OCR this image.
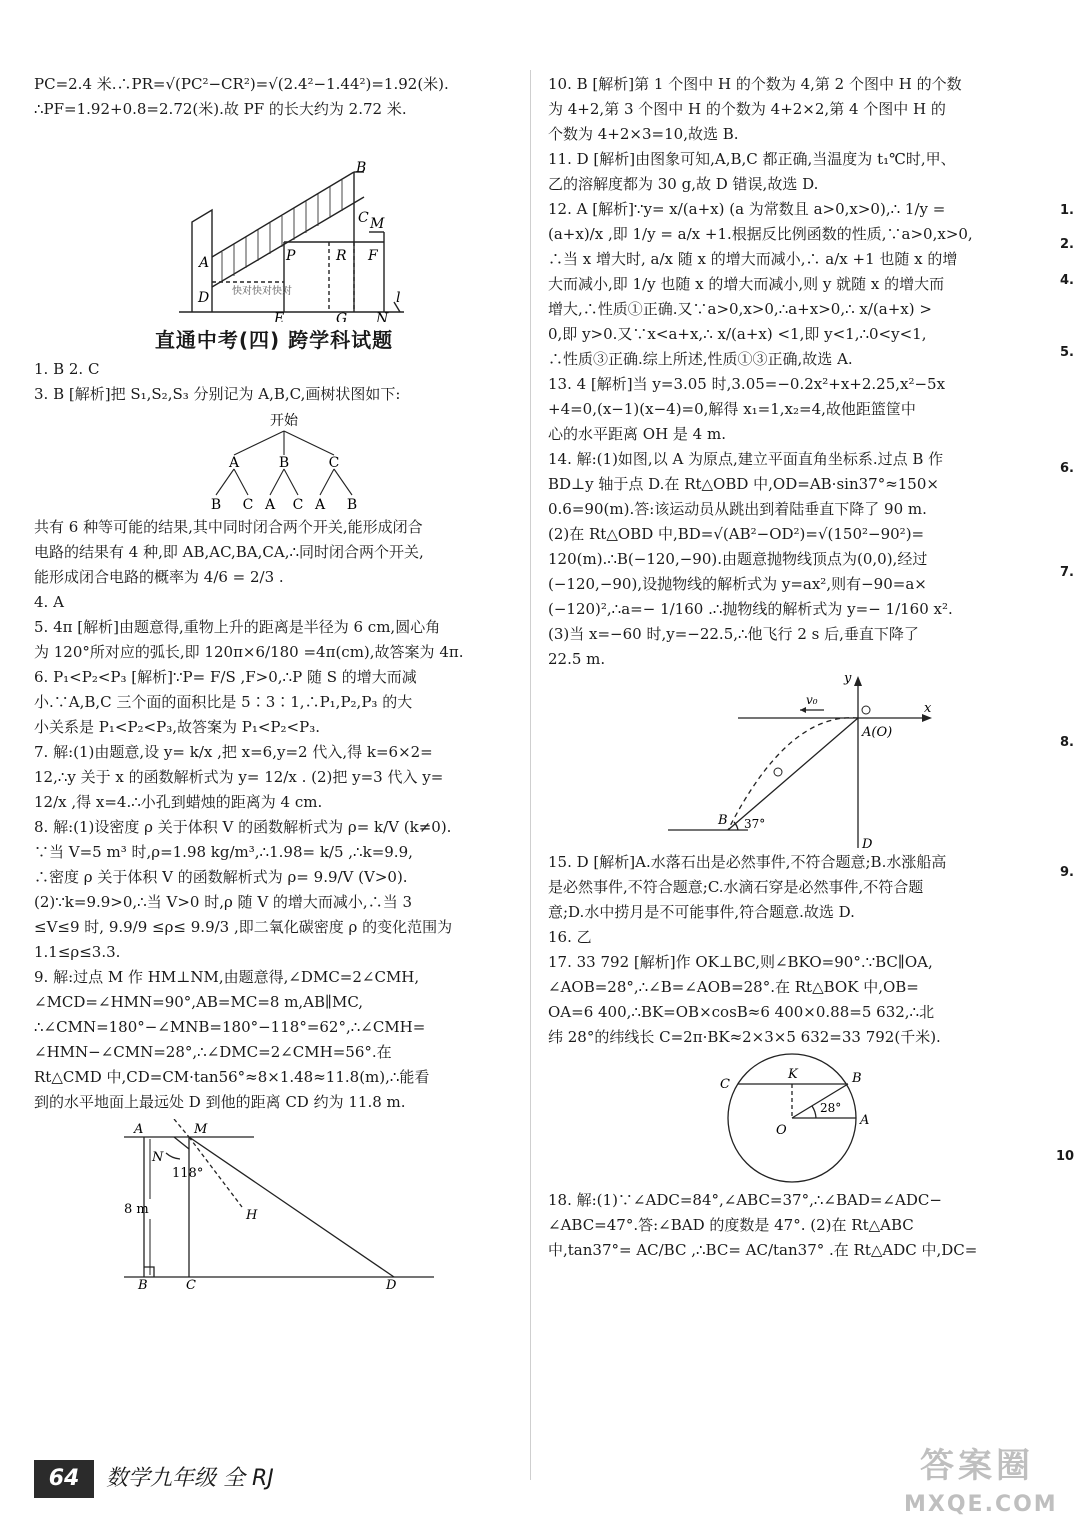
PC=2.4 米.∴PR=√(PC²−CR²)=√(2.4²−1.44²)=1.92(米).

∴PF=1.92+0.8=2.72(米).故 PF 的长大约为 2.72 米.

B
C
A
M
P	R F
D
E	G N
l
快对快对快对
直通中考(四) 跨学科试题

1. B 2. C

3. B [解析]把 S₁,S₂,S₃ 分别记为 A,B,C,画树状图如下:

开始
A	B	C
B C A C A B

共有 6 种等可能的结果,其中同时闭合两个开关,能形成闭合

电路的结果有 4 种,即 AB,AC,BA,CA,∴同时闭合两个开关,

能形成闭合电路的概率为 4/6 = 2/3 .

4. A

5. 4π [解析]由题意得,重物上升的距离是半径为 6 cm,圆心角

为 120°所对应的弧长,即 120π×6/180 =4π(cm),故答案为 4π.

6. P₁<P₂<P₃ [解析]∵P= F/S ,F>0,∴P 随 S 的增大而减

小.∵A,B,C 三个面的面积比是 5∶3∶1,∴P₁,P₂,P₃ 的大

小关系是 P₁<P₂<P₃,故答案为 P₁<P₂<P₃.

7. 解:(1)由题意,设 y= k/x ,把 x=6,y=2 代入,得 k=6×2=

12,∴y 关于 x 的函数解析式为 y= 12/x . (2)把 y=3 代入 y=

12/x ,得 x=4.∴小孔到蜡烛的距离为 4 cm.

8. 解:(1)设密度 ρ 关于体积 V 的函数解析式为 ρ= k/V (k≠0).

∵当 V=5 m³ 时,ρ=1.98 kg/m³,∴1.98= k/5 ,∴k=9.9,

∴密度 ρ 关于体积 V 的函数解析式为 ρ= 9.9/V (V>0).

(2)∵k=9.9>0,∴当 V>0 时,ρ 随 V 的增大而减小,∴当 3

≤V≤9 时, 9.9/9 ≤ρ≤ 9.9/3 ,即二氧化碳密度 ρ 的变化范围为

1.1≤ρ≤3.3.

9. 解:过点 M 作 HM⊥NM,由题意得,∠DMC=2∠CMH,

∠MCD=∠HMN=90°,AB=MC=8 m,AB∥MC,

∴∠CMN=180°−∠MNB=180°−118°=62°,∴∠CMH=

∠HMN−∠CMN=28°,∴∠DMC=2∠CMH=56°.在

Rt△CMD 中,CD=CM·tan56°≈8×1.48≈11.8(m),∴能看

到的水平地面上最远处 D 到他的距离 CD 约为 11.8 m.

A	M
N
118°
8 m	H
B	C	D

10. B [解析]第 1 个图中 H 的个数为 4,第 2 个图中 H 的个数

为 4+2,第 3 个图中 H 的个数为 4+2×2,第 4 个图中 H 的

个数为 4+2×3=10,故选 B.

11. D [解析]由图象可知,A,B,C 都正确,当温度为 t₁℃时,甲、

乙的溶解度都为 30 g,故 D 错误,故选 D.

12. A [解析]∵y= x/(a+x) (a 为常数且 a>0,x>0),∴ 1/y =

(a+x)/x ,即 1/y = a/x +1.根据反比例函数的性质,∵a>0,x>0,

∴当 x 增大时, a/x 随 x 的增大而减小,∴ a/x +1 也随 x 的增

大而减小,即 1/y 也随 x 的增大而减小,则 y 就随 x 的增大而

增大,∴性质①正确.又∵a>0,x>0,∴a+x>0,∴ x/(a+x) >

0,即 y>0.又∵x<a+x,∴ x/(a+x) <1,即 y<1,∴0<y<1,

∴性质③正确.综上所述,性质①③正确,故选 A.

13. 4 [解析]当 y=3.05 时,3.05=−0.2x²+x+2.25,x²−5x

+4=0,(x−1)(x−4)=0,解得 x₁=1,x₂=4,故他距篮筐中

心的水平距离 OH 是 4 m.

14. 解:(1)如图,以 A 为原点,建立平面直角坐标系.过点 B 作

BD⊥y 轴于点 D.在 Rt△OBD 中,OD=AB·sin37°≈150×

0.6=90(m).答:该运动员从跳出到着陆垂直下降了 90 m.

(2)在 Rt△OBD 中,BD=√(AB²−OD²)=√(150²−90²)=

120(m).∴B(−120,−90).由题意抛物线顶点为(0,0),经过

(−120,−90),设抛物线的解析式为 y=ax²,则有−90=a×

(−120)²,∴a=− 1/160 .∴抛物线的解析式为 y=− 1/160 x².

(3)当 x=−60 时,y=−22.5,∴他飞行 2 s 后,垂直下降了

22.5 m.

y
x
v₀
A(O)
B
D
37°

15. D [解析]A.水落石出是必然事件,不符合题意;B.水涨船高

是必然事件,不符合题意;C.水滴石穿是必然事件,不符合题

意;D.水中捞月是不可能事件,符合题意.故选 D.

16. 乙

17. 33 792 [解析]作 OK⊥BC,则∠BKO=90°.∵BC∥OA,

∠AOB=28°,∴∠B=∠AOB=28°.在 Rt△BOK 中,OB=

OA=6 400,∴BK=OB×cosB≈6 400×0.88=5 632,∴北

纬 28°的纬线长 C=2π·BK≈2×3×5 632=33 792(千米).

C
K	B
O
A
28°

18. 解:(1)∵∠ADC=84°,∠ABC=37°,∴∠BAD=∠ADC−

∠ABC=47°.答:∠BAD 的度数是 47°. (2)在 Rt△ABC

中,tan37°= AC/BC ,∴BC= AC/tan37° .在 Rt△ADC 中,DC=

1.
2.
4.
5.
6.
7.
8.
9.
10
64	数学九年级 全 RJ	答案圈
MXQE.COM
